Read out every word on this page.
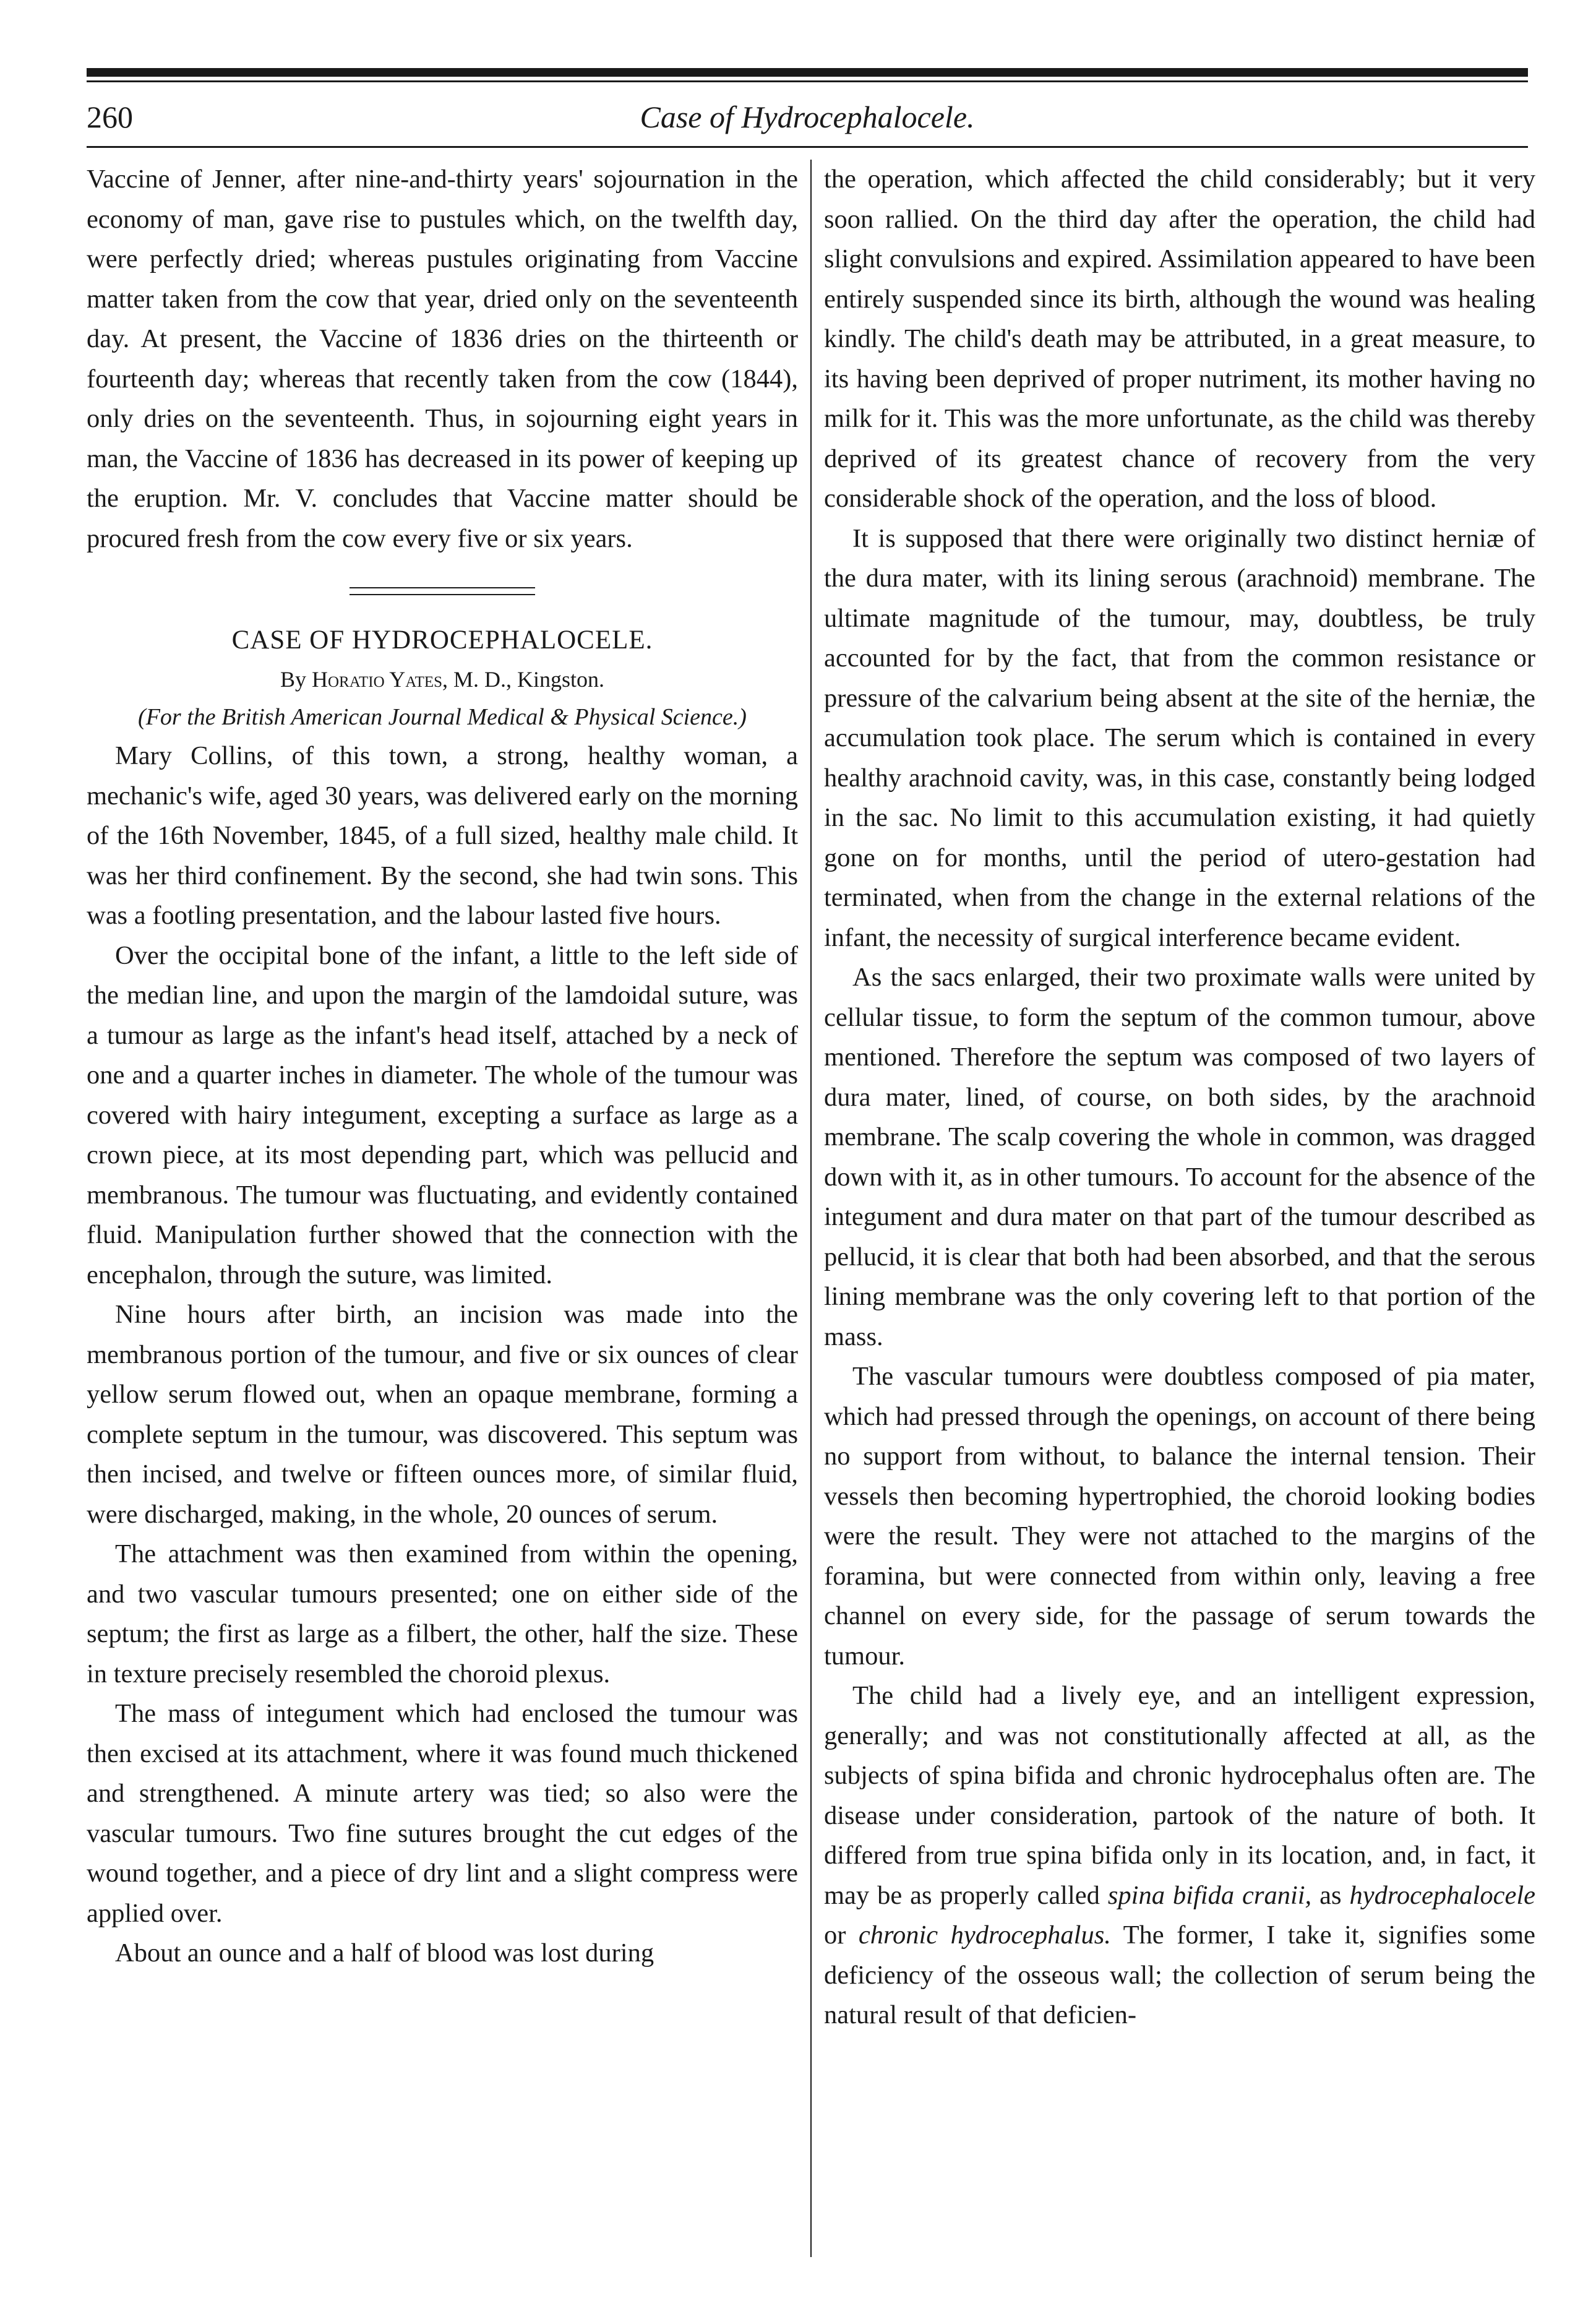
260	Case of Hydrocephalocele.

Vaccine of Jenner, after nine-and-thirty years' sojournation in the economy of man, gave rise to pustules which, on the twelfth day, were perfectly dried; whereas pustules originating from Vaccine matter taken from the cow that year, dried only on the seventeenth day. At present, the Vaccine of 1836 dries on the thirteenth or fourteenth day; whereas that recently taken from the cow (1844), only dries on the seventeenth. Thus, in sojourning eight years in man, the Vaccine of 1836 has decreased in its power of keeping up the eruption. Mr. V. concludes that Vaccine matter should be procured fresh from the cow every five or six years.

CASE OF HYDROCEPHALOCELE.

By Horatio Yates, M. D., Kingston.

(For the British American Journal Medical & Physical Science.)

Mary Collins, of this town, a strong, healthy woman, a mechanic's wife, aged 30 years, was delivered early on the morning of the 16th November, 1845, of a full sized, healthy male child. It was her third confinement. By the second, she had twin sons. This was a footling presentation, and the labour lasted five hours.

Over the occipital bone of the infant, a little to the left side of the median line, and upon the margin of the lamdoidal suture, was a tumour as large as the infant's head itself, attached by a neck of one and a quarter inches in diameter. The whole of the tumour was covered with hairy integument, excepting a surface as large as a crown piece, at its most depending part, which was pellucid and membranous. The tumour was fluctuating, and evidently contained fluid. Manipulation further showed that the connection with the encephalon, through the suture, was limited.

Nine hours after birth, an incision was made into the membranous portion of the tumour, and five or six ounces of clear yellow serum flowed out, when an opaque membrane, forming a complete septum in the tumour, was discovered. This septum was then incised, and twelve or fifteen ounces more, of similar fluid, were discharged, making, in the whole, 20 ounces of serum.

The attachment was then examined from within the opening, and two vascular tumours presented; one on either side of the septum; the first as large as a filbert, the other, half the size. These in texture precisely resembled the choroid plexus.

The mass of integument which had enclosed the tumour was then excised at its attachment, where it was found much thickened and strengthened. A minute artery was tied; so also were the vascular tumours. Two fine sutures brought the cut edges of the wound together, and a piece of dry lint and a slight compress were applied over.

About an ounce and a half of blood was lost during

the operation, which affected the child considerably; but it very soon rallied. On the third day after the operation, the child had slight convulsions and expired. Assimilation appeared to have been entirely suspended since its birth, although the wound was healing kindly. The child's death may be attributed, in a great measure, to its having been deprived of proper nutriment, its mother having no milk for it. This was the more unfortunate, as the child was thereby deprived of its greatest chance of recovery from the very considerable shock of the operation, and the loss of blood.

It is supposed that there were originally two distinct herniæ of the dura mater, with its lining serous (arachnoid) membrane. The ultimate magnitude of the tumour, may, doubtless, be truly accounted for by the fact, that from the common resistance or pressure of the calvarium being absent at the site of the herniæ, the accumulation took place. The serum which is contained in every healthy arachnoid cavity, was, in this case, constantly being lodged in the sac. No limit to this accumulation existing, it had quietly gone on for months, until the period of utero-gestation had terminated, when from the change in the external relations of the infant, the necessity of surgical interference became evident.

As the sacs enlarged, their two proximate walls were united by cellular tissue, to form the septum of the common tumour, above mentioned. Therefore the septum was composed of two layers of dura mater, lined, of course, on both sides, by the arachnoid membrane. The scalp covering the whole in common, was dragged down with it, as in other tumours. To account for the absence of the integument and dura mater on that part of the tumour described as pellucid, it is clear that both had been absorbed, and that the serous lining membrane was the only covering left to that portion of the mass.

The vascular tumours were doubtless composed of pia mater, which had pressed through the openings, on account of there being no support from without, to balance the internal tension. Their vessels then becoming hypertrophied, the choroid looking bodies were the result. They were not attached to the margins of the foramina, but were connected from within only, leaving a free channel on every side, for the passage of serum towards the tumour.

The child had a lively eye, and an intelligent expression, generally; and was not constitutionally affected at all, as the subjects of spina bifida and chronic hydrocephalus often are. The disease under consideration, partook of the nature of both. It differed from true spina bifida only in its location, and, in fact, it may be as properly called spina bifida cranii, as hydrocephalocele or chronic hydrocephalus. The former, I take it, signifies some deficiency of the osseous wall; the collection of serum being the natural result of that deficien-
